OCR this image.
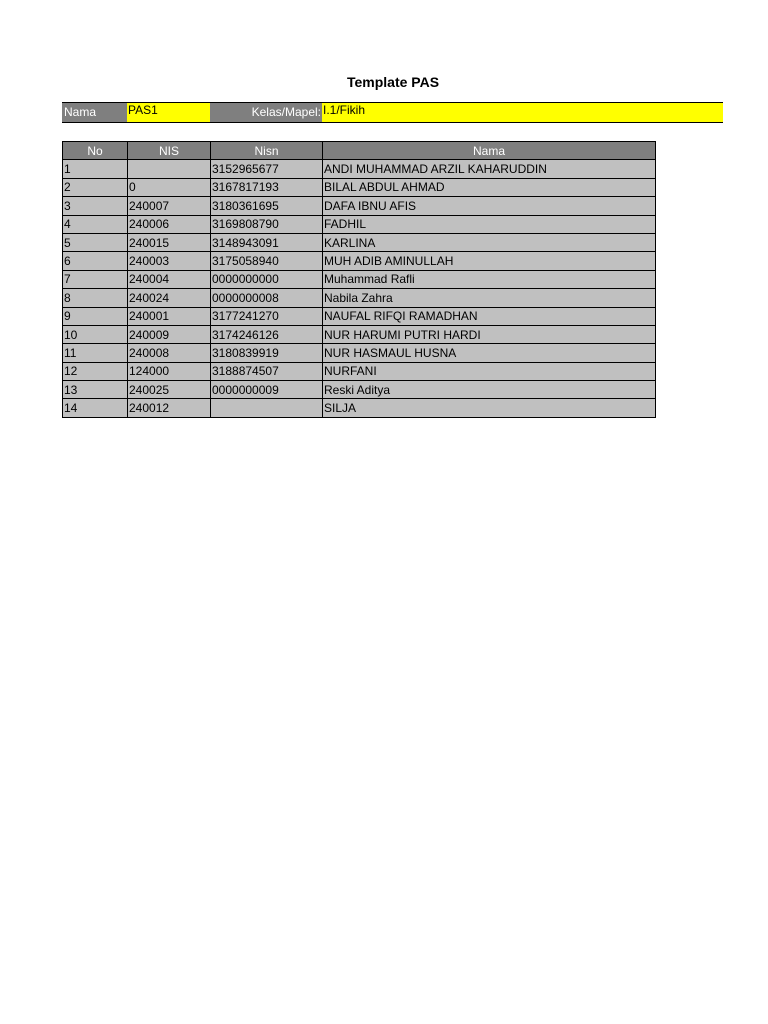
Template PAS
Nama	PAS1	Kelas/Mapel: I.1/Fikih
No	NIS	Nisn	Nama
1		3152965677	ANDI MUHAMMAD ARZIL KAHARUDDIN
2	0	3167817193	BILAL ABDUL AHMAD
3	240007	3180361695	DAFA IBNU AFIS
4	240006	3169808790	FADHIL
5	240015	3148943091	KARLINA
6	240003	3175058940	MUH ADIB AMINULLAH
7	240004	0000000000	Muhammad Rafli
8	240024	0000000008	Nabila Zahra
9	240001	3177241270	NAUFAL RIFQI RAMADHAN
10	240009	3174246126	NUR HARUMI PUTRI HARDI
11	240008	3180839919	NUR HASMAUL HUSNA
12	124000	3188874507	NURFANI
13	240025	0000000009	Reski Aditya
14	240012		SILJA
